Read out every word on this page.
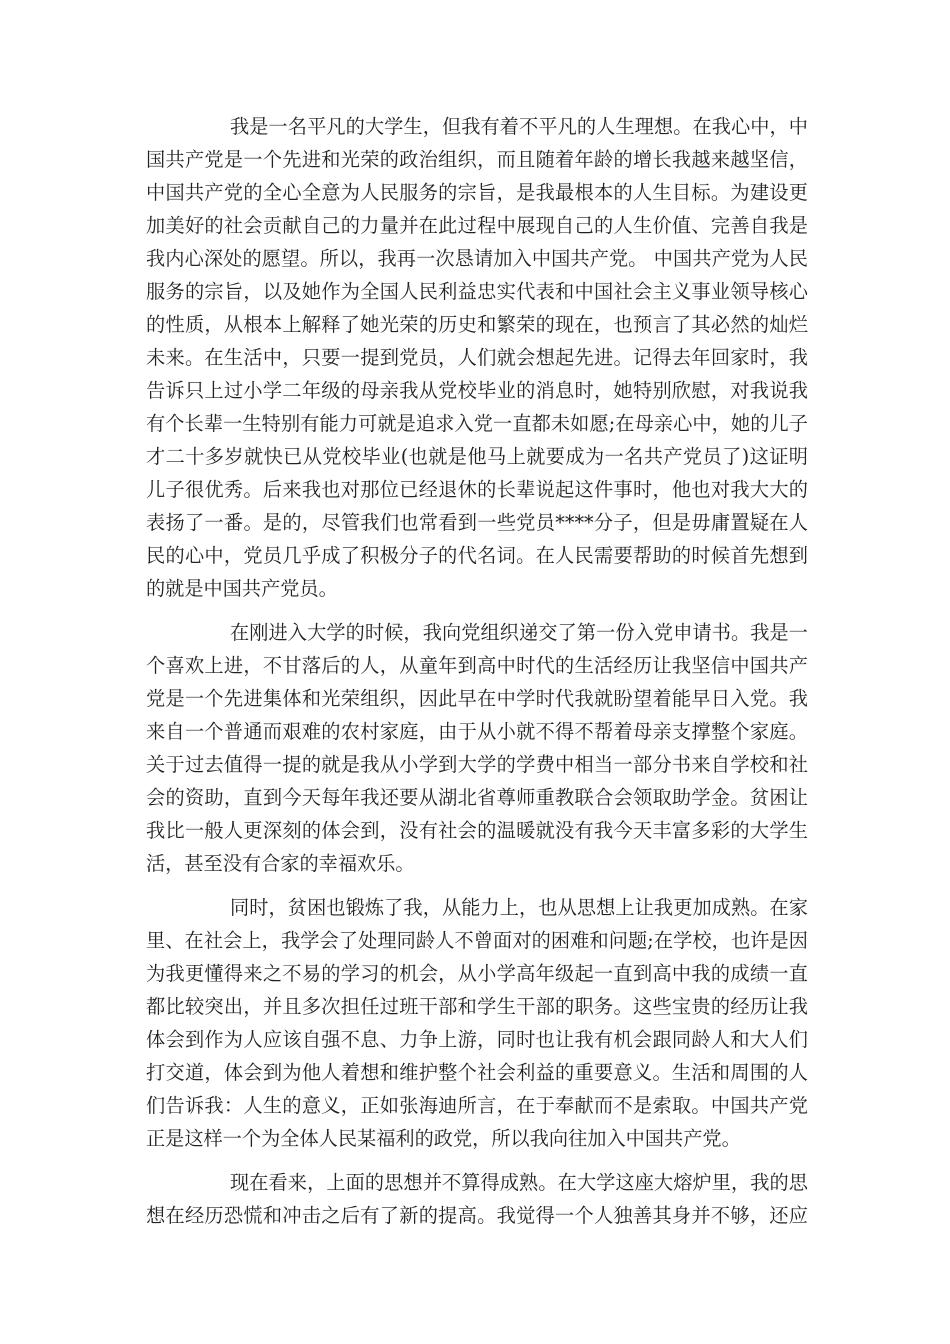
我是一名平凡的大学生，但我有着不平凡的人生理想。在我心中，中
国共产党是一个先进和光荣的政治组织，而且随着年龄的增长我越来越坚信，
中国共产党的全心全意为人民服务的宗旨，是我最根本的人生目标。为建设更
加美好的社会贡献自己的力量并在此过程中展现自己的人生价值、完善自我是
我内心深处的愿望。所以，我再一次恳请加入中国共产党。 中国共产党为人民
服务的宗旨，以及她作为全国人民利益忠实代表和中国社会主义事业领导核心
的性质，从根本上解释了她光荣的历史和繁荣的现在，也预言了其必然的灿烂
未来。在生活中，只要一提到党员，人们就会想起先进。记得去年回家时，我
告诉只上过小学二年级的母亲我从党校毕业的消息时，她特别欣慰，对我说我
有个长辈一生特别有能力可就是追求入党一直都未如愿;在母亲心中，她的儿子
才二十多岁就快已从党校毕业(也就是他马上就要成为一名共产党员了)这证明
儿子很优秀。后来我也对那位已经退休的长辈说起这件事时，他也对我大大的
表扬了一番。是的，尽管我们也常看到一些党员****分子，但是毋庸置疑在人
民的心中，党员几乎成了积极分子的代名词。在人民需要帮助的时候首先想到
的就是中国共产党员。
在刚进入大学的时候，我向党组织递交了第一份入党申请书。我是一
个喜欢上进，不甘落后的人，从童年到高中时代的生活经历让我坚信中国共产
党是一个先进集体和光荣组织，因此早在中学时代我就盼望着能早日入党。我
来自一个普通而艰难的农村家庭，由于从小就不得不帮着母亲支撑整个家庭。
关于过去值得一提的就是我从小学到大学的学费中相当一部分书来自学校和社
会的资助，直到今天每年我还要从湖北省尊师重教联合会领取助学金。贫困让
我比一般人更深刻的体会到，没有社会的温暖就没有我今天丰富多彩的大学生
活，甚至没有合家的幸福欢乐。
同时，贫困也锻炼了我，从能力上，也从思想上让我更加成熟。在家
里、在社会上，我学会了处理同龄人不曾面对的困难和问题;在学校，也许是因
为我更懂得来之不易的学习的机会，从小学高年级起一直到高中我的成绩一直
都比较突出，并且多次担任过班干部和学生干部的职务。这些宝贵的经历让我
体会到作为人应该自强不息、力争上游，同时也让我有机会跟同龄人和大人们
打交道，体会到为他人着想和维护整个社会利益的重要意义。生活和周围的人
们告诉我：人生的意义，正如张海迪所言，在于奉献而不是索取。中国共产党
正是这样一个为全体人民某福利的政党，所以我向往加入中国共产党。
现在看来，上面的思想并不算得成熟。在大学这座大熔炉里，我的思
想在经历恐慌和冲击之后有了新的提高。我觉得一个人独善其身并不够，还应
